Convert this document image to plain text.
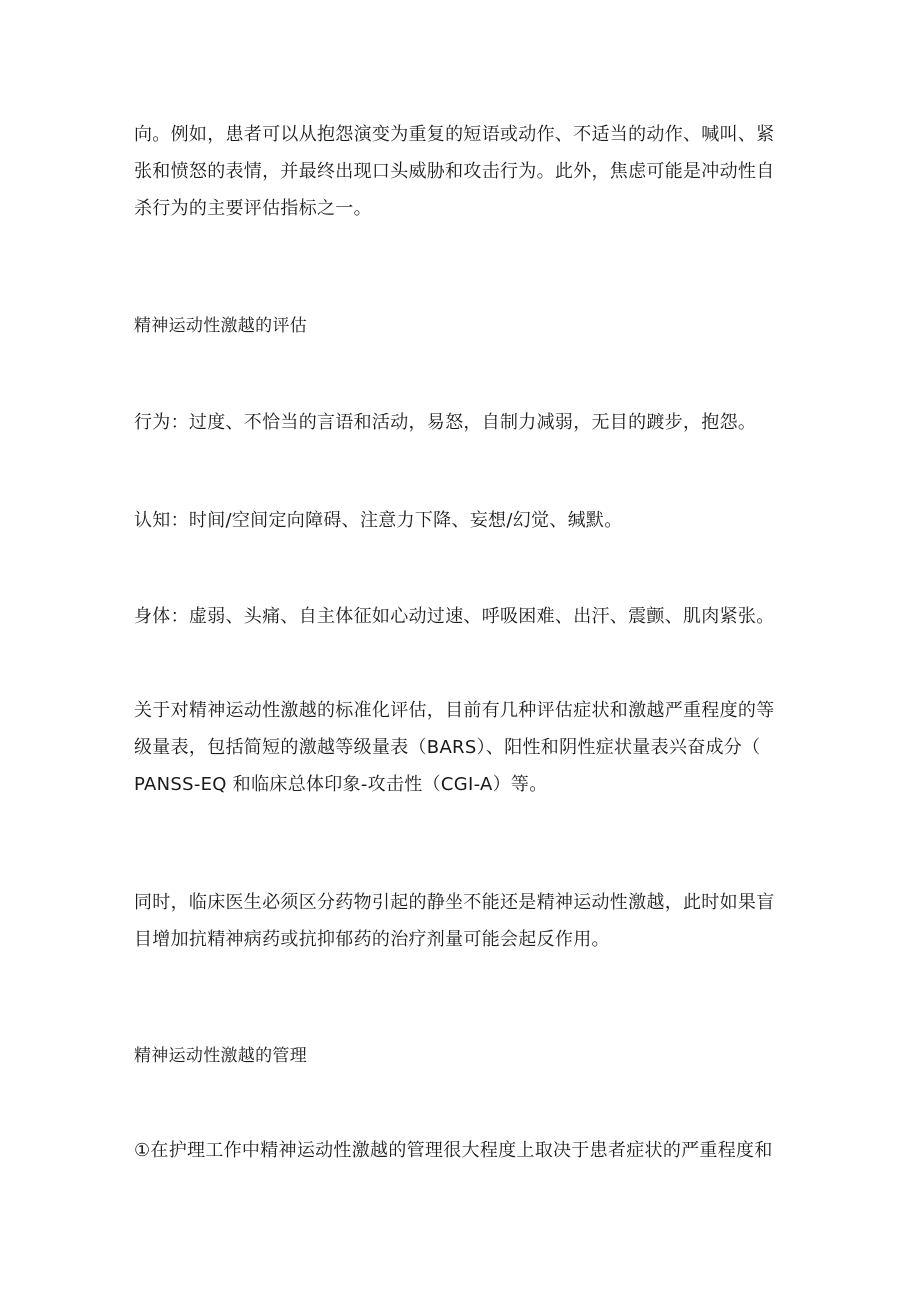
向。例如，患者可以从抱怨演变为重复的短语或动作、不适当的动作、喊叫、紧
张和愤怒的表情，并最终出现口头威胁和攻击行为。此外，焦虑可能是冲动性自
杀行为的主要评估指标之一。
精神运动性激越的评估
行为：过度、不恰当的言语和活动，易怒，自制力减弱，无目的踱步，抱怨。
认知：时间/空间定向障碍、注意力下降、妄想/幻觉、缄默。
身体：虚弱、头痛、自主体征如心动过速、呼吸困难、出汗、震颤、肌肉紧张。
关于对精神运动性激越的标准化评估，目前有几种评估症状和激越严重程度的等
级量表，包括简短的激越等级量表（BARS）、阳性和阴性症状量表兴奋成分（
PANSS-EQ 和临床总体印象-攻击性（CGI-A）等。
同时，临床医生必须区分药物引起的静坐不能还是精神运动性激越，此时如果盲
目增加抗精神病药或抗抑郁药的治疗剂量可能会起反作用。
精神运动性激越的管理
①在护理工作中精神运动性激越的管理很大程度上取决于患者症状的严重程度和
